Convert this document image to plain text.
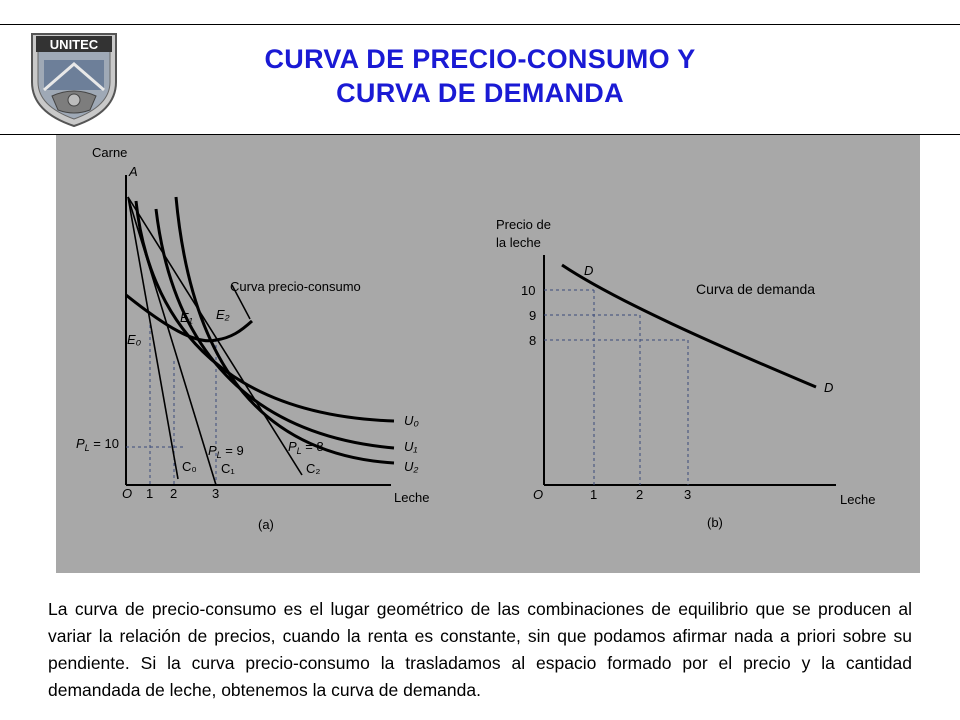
UNITEC	CURVA DE PRECIO-CONSUMO Y
CURVA DE DEMANDA
Carne
A
O 1 2	3	Leche
(a)
Curva precio-consumo
E₀
E₁ E₂
$P_L = 10$	$P_L = 9$	$P_L = 8$
C₀ C₁	C₂
U₀
U₁
U₂
Precio de
la leche
10
9
8
O	1	2	3	Leche
(b)
D
D
Curva de demanda

La curva de precio-consumo es el lugar geométrico de las combinaciones de equilibrio que se producen al variar la relación de precios, cuando la renta es constante, sin que podamos afirmar nada a priori sobre su pendiente. Si la curva precio-consumo la trasladamos al espacio formado por el precio y la cantidad demandada de leche, obtenemos la curva de demanda.
